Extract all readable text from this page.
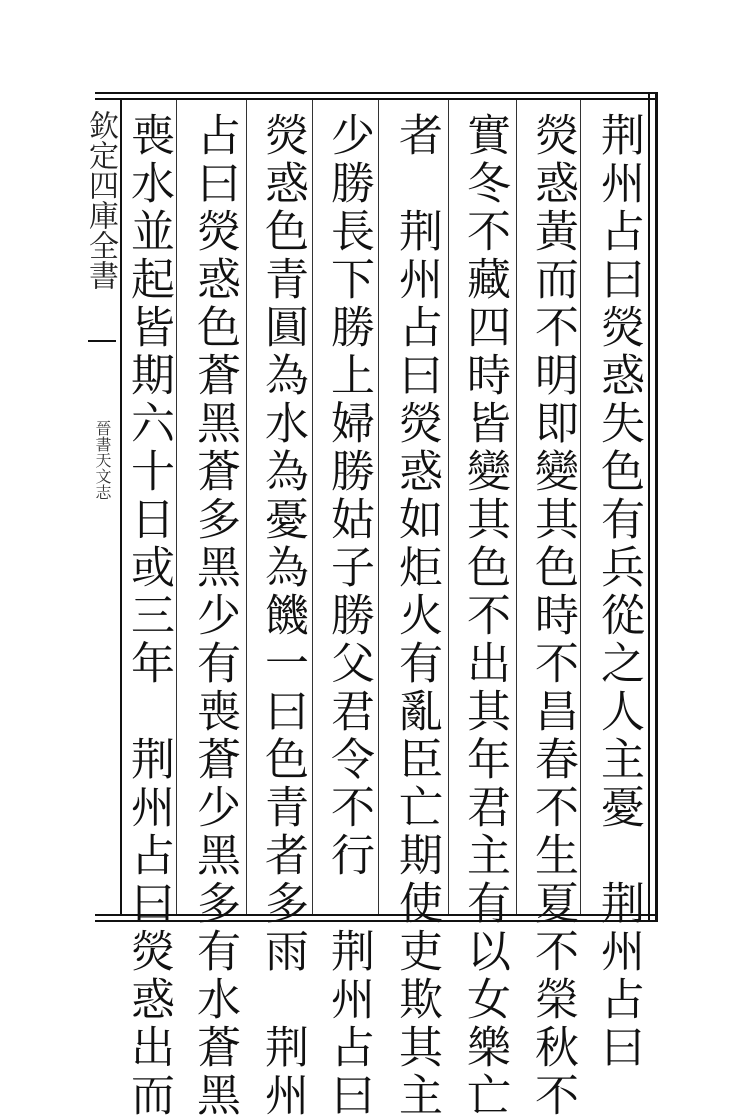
欽定四庫全書
晉書天文志	荆州占曰熒惑失色有兵從之人主憂　荆州占曰
熒惑黃而不明即變其色時不昌春不生夏不榮秋不
實冬不藏四時皆變其色不出其年君主有以女樂亡
者　荆州占曰熒惑如炬火有亂臣亡期使吏欺其主
少勝長下勝上婦勝姑子勝父君令不行　荆州占曰
熒惑色青圓為水為憂為饑一曰色青者多雨　荆州
占曰熒惑色蒼黑蒼多黑少有喪蒼少黑多有水蒼黑
喪水並起皆期六十日或三年　荆州占曰熒惑出而
